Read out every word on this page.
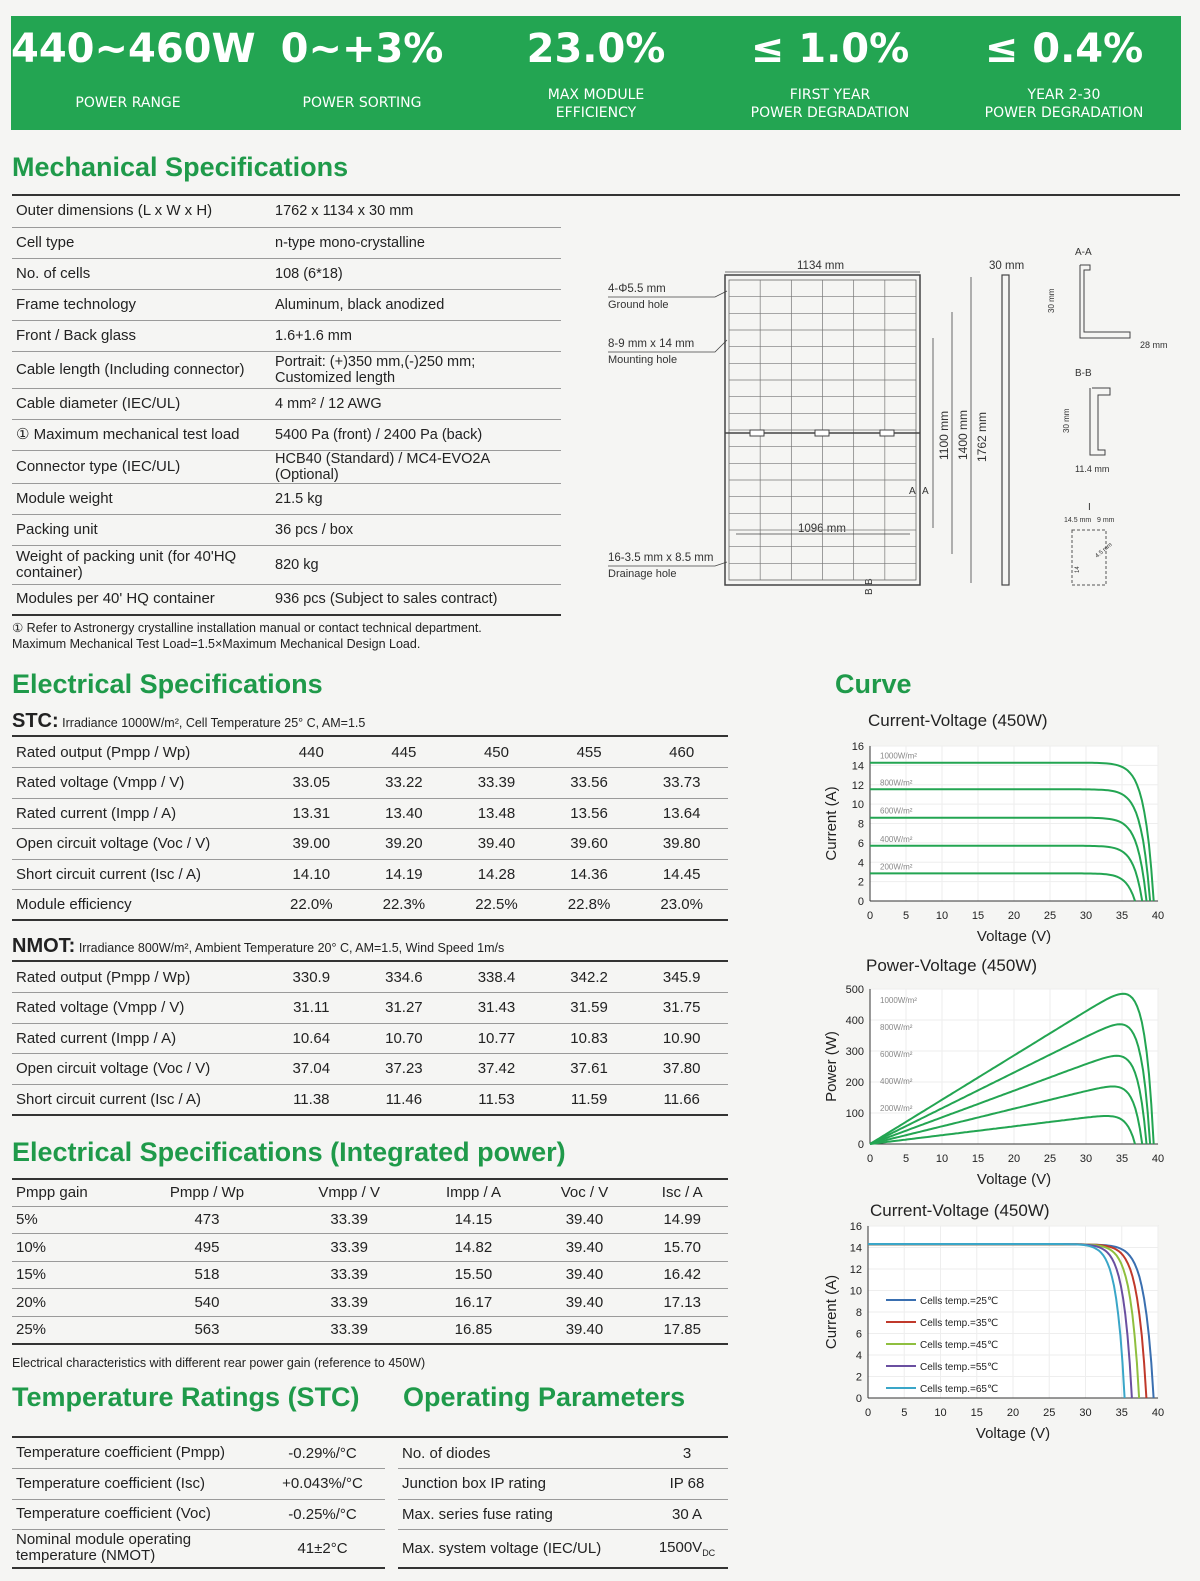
440~460W
POWER RANGE
0~+3%
POWER SORTING
23.0%
MAX MODULE
EFFICIENCY
≤ 1.0%
FIRST YEAR
POWER DEGRADATION
≤ 0.4%
YEAR 2-30
POWER DEGRADATION
Mechanical Specifications
Outer dimensions (L x W x H)	1762 x 1134 x 30 mm
Cell type	n-type mono-crystalline
No. of cells	108 (6*18)
Frame technology	Aluminum, black anodized
Front / Back glass	1.6+1.6 mm
Cable length (Including connector)	Portrait: (+)350 mm,(-)250 mm;
Customized length
Cable diameter (IEC/UL)	4 mm² / 12 AWG
① Maximum mechanical test load	5400 Pa (front) / 2400 Pa (back)
Connector type (IEC/UL)	HCB40 (Standard) / MC4-EVO2A (Optional)
Module weight	21.5 kg
Packing unit	36 pcs / box
Weight of packing unit (for 40'HQ container)	820 kg
Modules per 40' HQ container	936 pcs (Subject to sales contract)
① Refer to Astronergy crystalline installation manual or contact technical department.
Maximum Mechanical Test Load=1.5×Maximum Mechanical Design Load.
1134 mm
4-Φ5.5 mm
Ground hole
8-9 mm x 14 mm
Mounting hole
16-3.5 mm x 8.5 mm
Drainage hole
1096 mm
30 mm
A-A
28 mm
B-B
11.4 mm
I
14.5 mm 9 mm
A A
1100 mm 1400 mm 1762 mm
30 mm
30 mm
14
4.5 mm
B
B
Electrical Specifications
STC: Irradiance 1000W/m², Cell Temperature 25° C, AM=1.5
Rated output (Pmpp / Wp)	440	445	450	455	460
Rated voltage (Vmpp / V)	33.05	33.22	33.39	33.56	33.73
Rated current (Impp / A)	13.31	13.40	13.48	13.56	13.64
Open circuit voltage (Voc / V)	39.00	39.20	39.40	39.60	39.80
Short circuit current (Isc / A)	14.10	14.19	14.28	14.36	14.45
Module efficiency	22.0%	22.3%	22.5%	22.8%	23.0%
NMOT: Irradiance 800W/m², Ambient Temperature 20° C, AM=1.5, Wind Speed 1m/s
Rated output (Pmpp / Wp)	330.9	334.6	338.4	342.2	345.9
Rated voltage (Vmpp / V)	31.11	31.27	31.43	31.59	31.75
Rated current (Impp / A)	10.64	10.70	10.77	10.83	10.90
Open circuit voltage (Voc / V)	37.04	37.23	37.42	37.61	37.80
Short circuit current (Isc / A)	11.38	11.46	11.53	11.59	11.66
Electrical Specifications (Integrated power)
Pmpp gain	Pmpp / Wp	Vmpp / V	Impp / A	Voc / V	Isc / A
5%	473	33.39	14.15	39.40	14.99
10%	495	33.39	14.82	39.40	15.70
15%	518	33.39	15.50	39.40	16.42
20%	540	33.39	16.17	39.40	17.13
25%	563	33.39	16.85	39.40	17.85
Electrical characteristics with different rear power gain (reference to 450W)
Temperature Ratings (STC) Operating Parameters
Temperature coefficient (Pmpp)	-0.29%/°C
Temperature coefficient (Isc)	+0.043%/°C
Temperature coefficient (Voc)	-0.25%/°C
Nominal module operating temperature (NMOT)	41±2°C
No. of diodes	3
Junction box IP rating	IP 68
Max. series fuse rating	30 A
Max. system voltage (IEC/UL)	$1500V_{DC}$
Curve
Current-Voltage (450W)
0
2
4
6
8
10
12
14
16
0	5 10 15 20 25 30 35 40
Voltage (V)
Current (A)
1000W/m²
800W/m²
600W/m²
400W/m²
200W/m²
Power-Voltage (450W)
0
100
200
300
400
500
0	5 10 15 20 25 30 35 40
Voltage (V)
Power (W)
1000W/m²
800W/m²
600W/m²
400W/m²
200W/m²
Current-Voltage (450W)
0
2
4
6
8
10
12
14
16
0	5 10 15 20 25 30 35 40
Voltage (V)
Current (A)	Cells temp.=25℃
Cells temp.=35℃
Cells temp.=45℃
Cells temp.=55℃
Cells temp.=65℃
